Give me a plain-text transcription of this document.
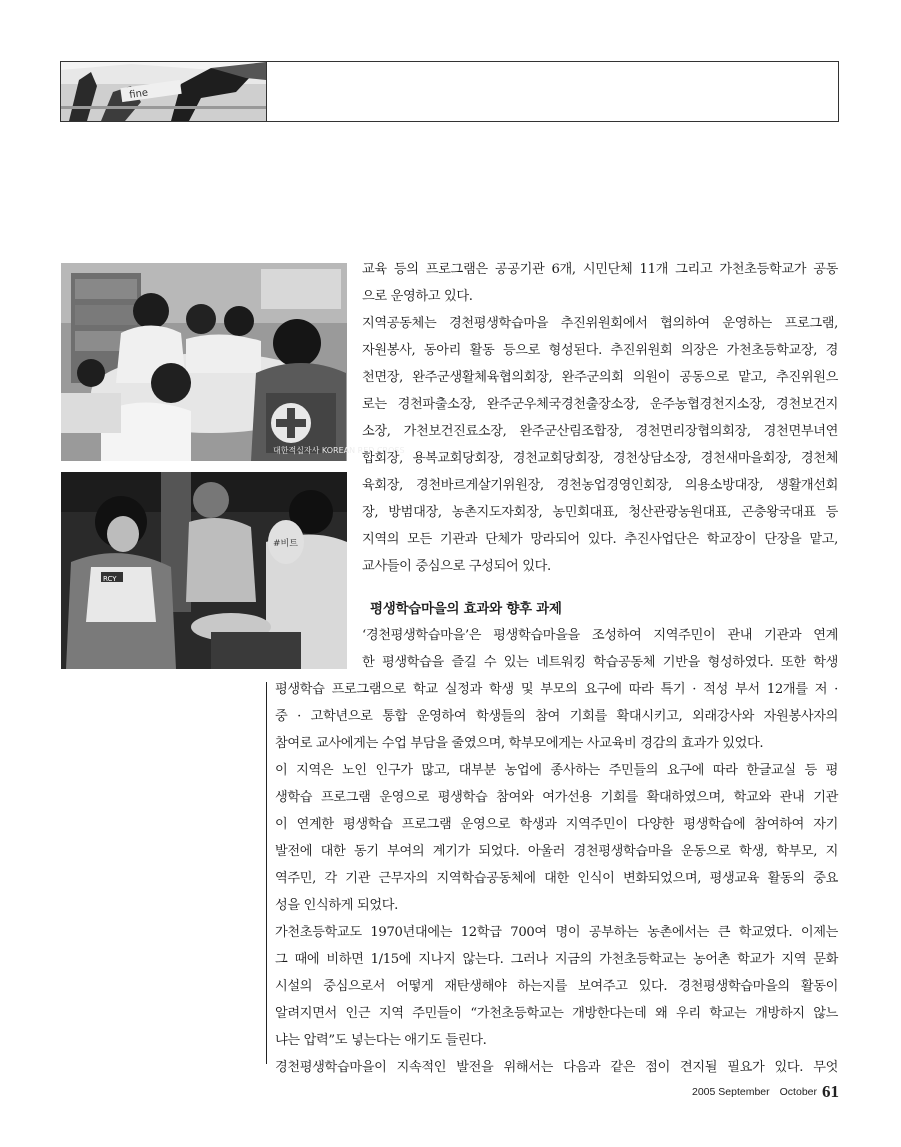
fine
대한적십자사 KOREAN RED CROSS
#비트
RCY
교육 등의 프로그램은 공공기관 6개, 시민단체 11개 그리고 가천초등학교가 공동
으로 운영하고 있다.
지역공동체는 경천평생학습마을 추진위원회에서 협의하여 운영하는 프로그램,
자원봉사, 동아리 활동 등으로 형성된다. 추진위원회 의장은 가천초등학교장, 경
천면장, 완주군생활체육협의회장, 완주군의회 의원이 공동으로 맡고, 추진위원으
로는 경천파출소장, 완주군우체국경천출장소장, 운주농협경천지소장, 경천보건지
소장, 가천보건진료소장, 완주군산림조합장, 경천면리장협의회장, 경천면부녀연
합회장, 용복교회당회장, 경천교회당회장, 경천상담소장, 경천새마을회장, 경천체
육회장, 경천바르게살기위원장, 경천농업경영인회장, 의용소방대장, 생활개선회
장, 방범대장, 농촌지도자회장, 농민회대표, 청산관광농원대표, 곤충왕국대표 등
지역의 모든 기관과 단체가 망라되어 있다. 추진사업단은 학교장이 단장을 맡고,
교사들이 중심으로 구성되어 있다.
평생학습마을의 효과와 향후 과제
‘경천평생학습마을’은 평생학습마을을 조성하여 지역주민이 관내 기관과 연계
한 평생학습을 즐길 수 있는 네트워킹 학습공동체 기반을 형성하였다. 또한 학생
평생학습 프로그램으로 학교 실정과 학생 및 부모의 요구에 따라 특기 · 적성 부서 12개를 저 ·
중 · 고학년으로 통합 운영하여 학생들의 참여 기회를 확대시키고, 외래강사와 자원봉사자의
참여로 교사에게는 수업 부담을 줄였으며, 학부모에게는 사교육비 경감의 효과가 있었다.
이 지역은 노인 인구가 많고, 대부분 농업에 종사하는 주민들의 요구에 따라 한글교실 등 평
생학습 프로그램 운영으로 평생학습 참여와 여가선용 기회를 확대하였으며, 학교와 관내 기관
이 연계한 평생학습 프로그램 운영으로 학생과 지역주민이 다양한 평생학습에 참여하여 자기
발전에 대한 동기 부여의 계기가 되었다. 아울러 경천평생학습마을 운동으로 학생, 학부모, 지
역주민, 각 기관 근무자의 지역학습공동체에 대한 인식이 변화되었으며, 평생교육 활동의 중요
성을 인식하게 되었다.
가천초등학교도 1970년대에는 12학급 700여 명이 공부하는 농촌에서는 큰 학교였다. 이제는
그 때에 비하면 1/15에 지나지 않는다. 그러나 지금의 가천초등학교는 농어촌 학교가 지역 문화
시설의 중심으로서 어떻게 재탄생해야 하는지를 보여주고 있다. 경천평생학습마을의 활동이
알려지면서 인근 지역 주민들이 “가천초등학교는 개방한다는데 왜 우리 학교는 개방하지 않느
냐는 압력”도 넣는다는 애기도 들린다.
경천평생학습마을이 지속적인 발전을 위해서는 다음과 같은 점이 견지될 필요가 있다. 무엇
2005 September October 61
